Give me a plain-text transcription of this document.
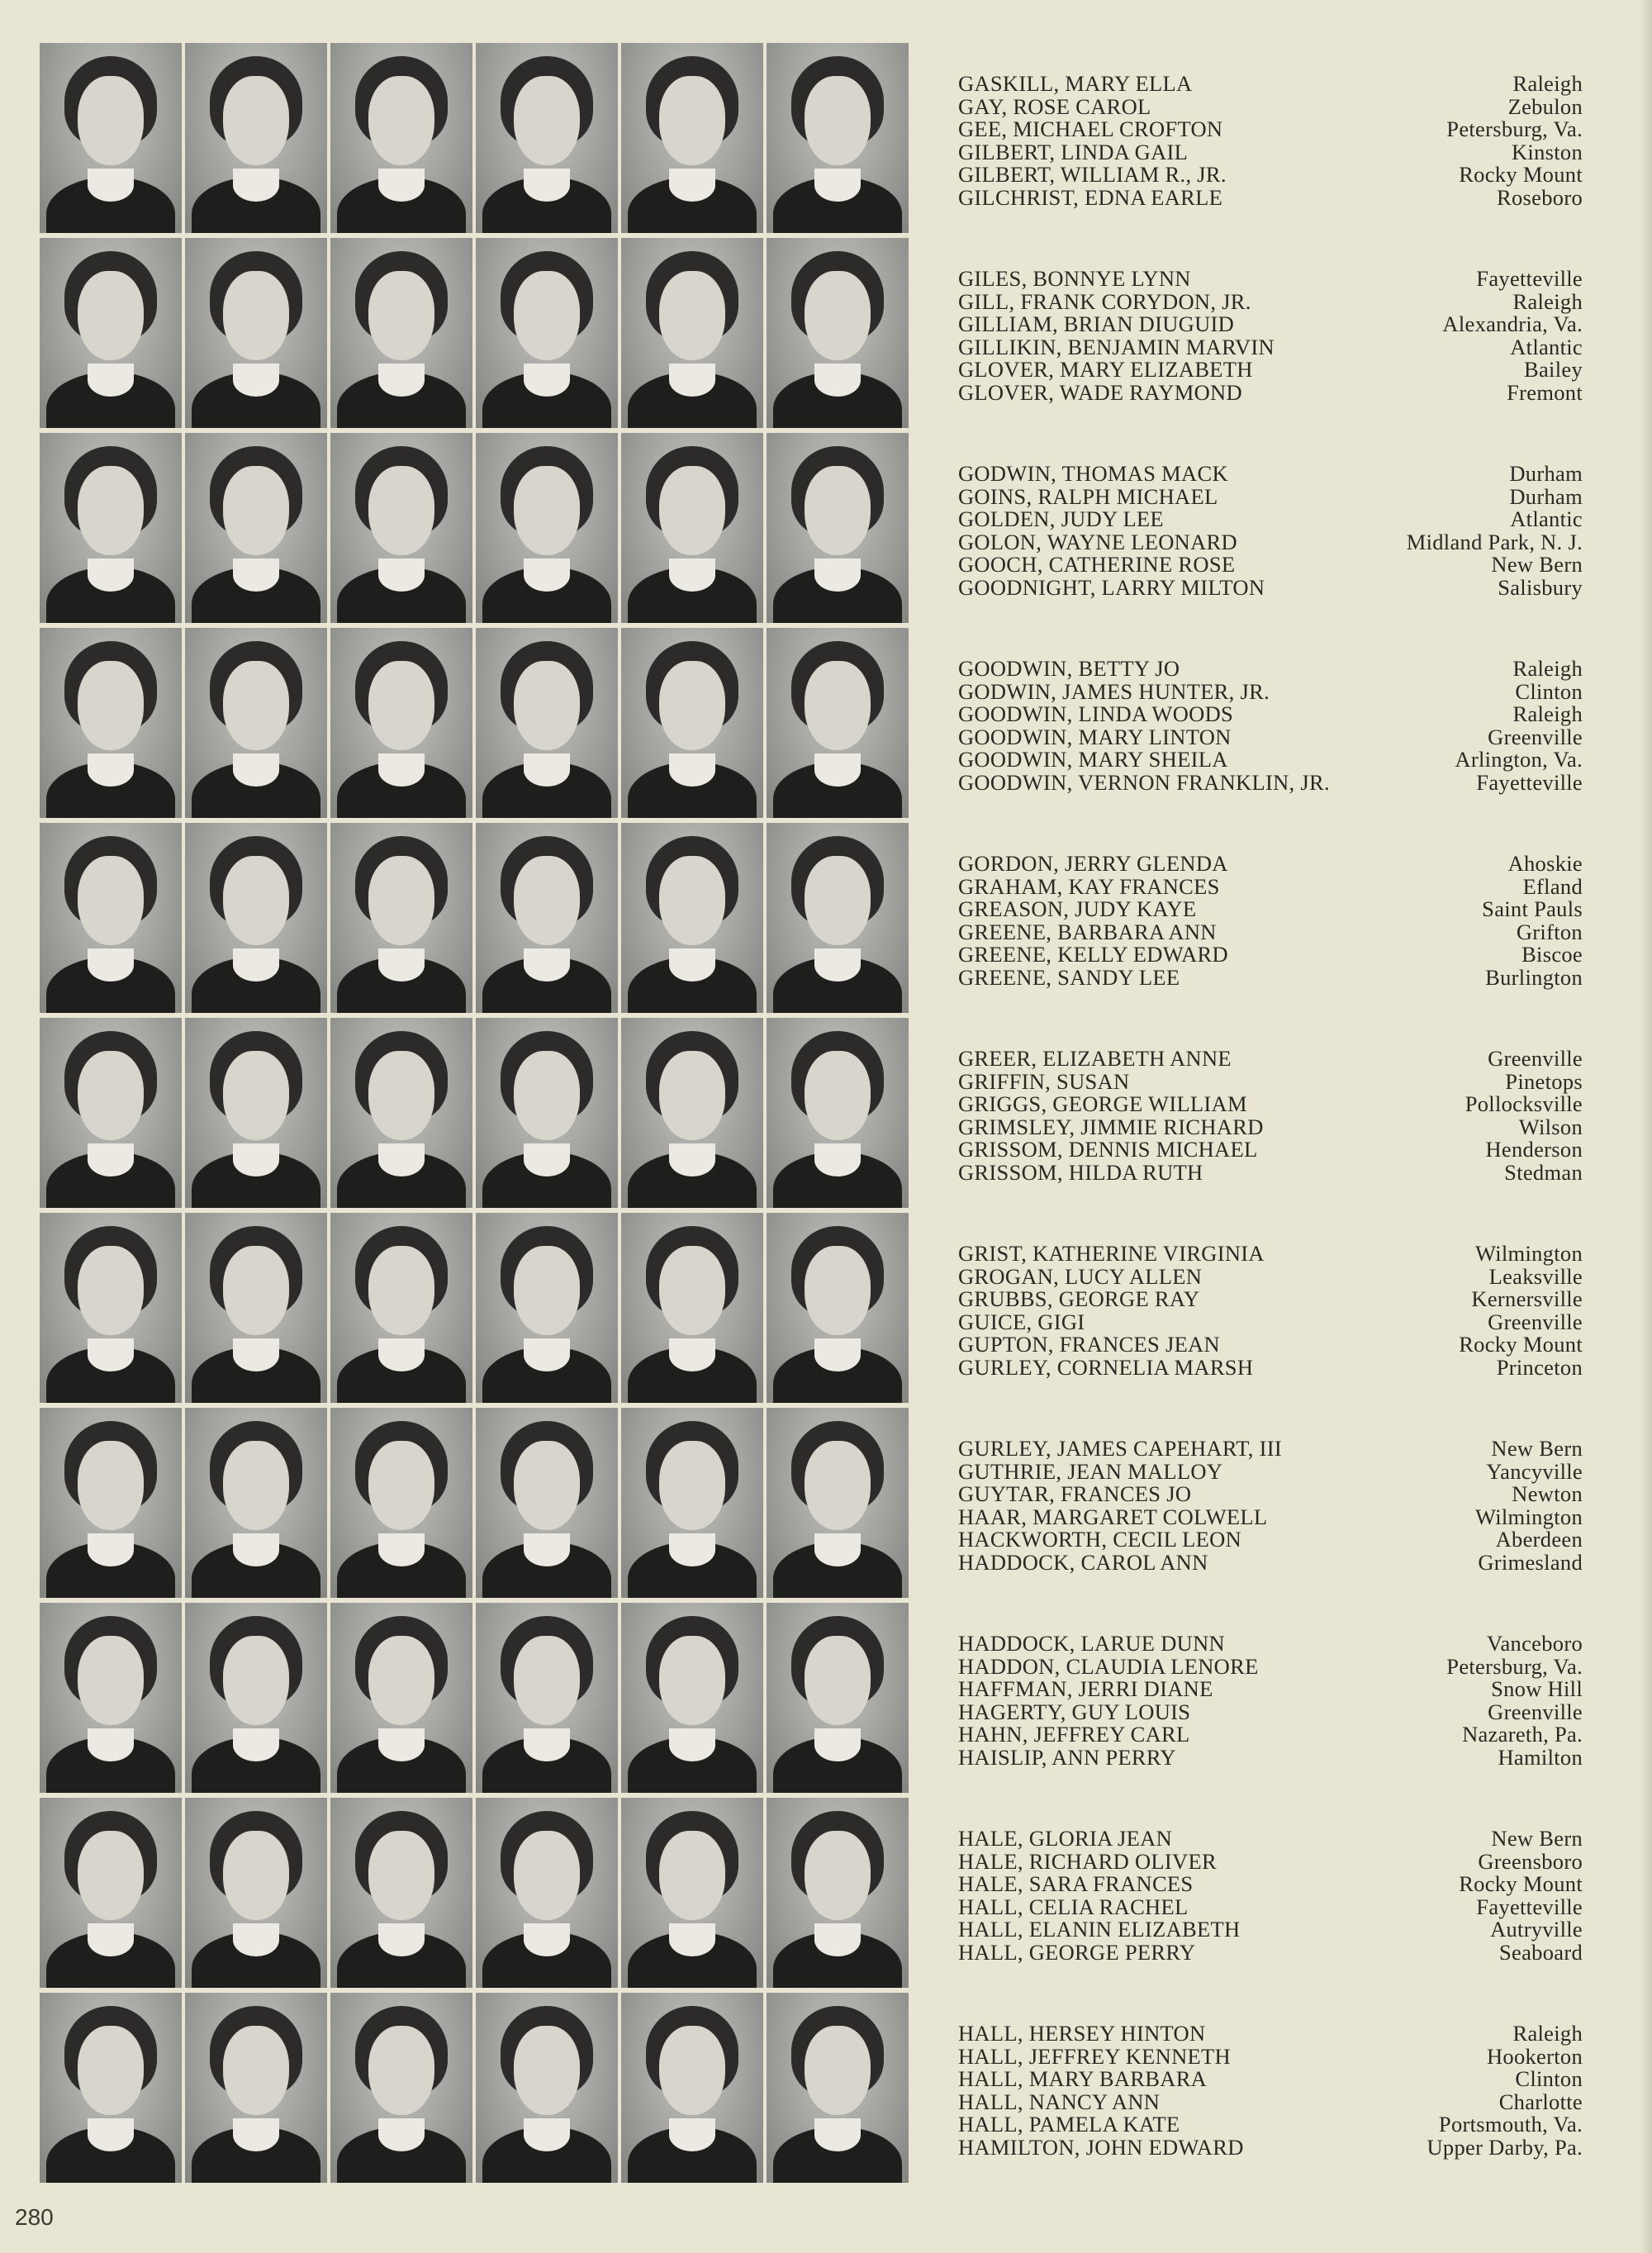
GASKILL, MARY ELLA	Raleigh
GAY, ROSE CAROL	Zebulon
GEE, MICHAEL CROFTON	Petersburg, Va.
GILBERT, LINDA GAIL	Kinston
GILBERT, WILLIAM R., JR.	Rocky Mount
GILCHRIST, EDNA EARLE	Roseboro
GILES, BONNYE LYNN	Fayetteville
GILL, FRANK CORYDON, JR.	Raleigh
GILLIAM, BRIAN DIUGUID	Alexandria, Va.
GILLIKIN, BENJAMIN MARVIN	Atlantic
GLOVER, MARY ELIZABETH	Bailey
GLOVER, WADE RAYMOND	Fremont
GODWIN, THOMAS MACK	Durham
GOINS, RALPH MICHAEL	Durham
GOLDEN, JUDY LEE	Atlantic
GOLON, WAYNE LEONARD	Midland Park, N. J.
GOOCH, CATHERINE ROSE	New Bern
GOODNIGHT, LARRY MILTON	Salisbury
GOODWIN, BETTY JO	Raleigh
GODWIN, JAMES HUNTER, JR.	Clinton
GOODWIN, LINDA WOODS	Raleigh
GOODWIN, MARY LINTON	Greenville
GOODWIN, MARY SHEILA	Arlington, Va.
GOODWIN, VERNON FRANKLIN, JR.	Fayetteville
GORDON, JERRY GLENDA	Ahoskie
GRAHAM, KAY FRANCES	Efland
GREASON, JUDY KAYE	Saint Pauls
GREENE, BARBARA ANN	Grifton
GREENE, KELLY EDWARD	Biscoe
GREENE, SANDY LEE	Burlington
GREER, ELIZABETH ANNE	Greenville
GRIFFIN, SUSAN	Pinetops
GRIGGS, GEORGE WILLIAM	Pollocksville
GRIMSLEY, JIMMIE RICHARD	Wilson
GRISSOM, DENNIS MICHAEL	Henderson
GRISSOM, HILDA RUTH	Stedman
GRIST, KATHERINE VIRGINIA	Wilmington
GROGAN, LUCY ALLEN	Leaksville
GRUBBS, GEORGE RAY	Kernersville
GUICE, GIGI	Greenville
GUPTON, FRANCES JEAN	Rocky Mount
GURLEY, CORNELIA MARSH	Princeton
GURLEY, JAMES CAPEHART, III	New Bern
GUTHRIE, JEAN MALLOY	Yancyville
GUYTAR, FRANCES JO	Newton
HAAR, MARGARET COLWELL	Wilmington
HACKWORTH, CECIL LEON	Aberdeen
HADDOCK, CAROL ANN	Grimesland
HADDOCK, LARUE DUNN	Vanceboro
HADDON, CLAUDIA LENORE	Petersburg, Va.
HAFFMAN, JERRI DIANE	Snow Hill
HAGERTY, GUY LOUIS	Greenville
HAHN, JEFFREY CARL	Nazareth, Pa.
HAISLIP, ANN PERRY	Hamilton
HALE, GLORIA JEAN	New Bern
HALE, RICHARD OLIVER	Greensboro
HALE, SARA FRANCES	Rocky Mount
HALL, CELIA RACHEL	Fayetteville
HALL, ELANIN ELIZABETH	Autryville
HALL, GEORGE PERRY	Seaboard
HALL, HERSEY HINTON	Raleigh
HALL, JEFFREY KENNETH	Hookerton
HALL, MARY BARBARA	Clinton
HALL, NANCY ANN	Charlotte
HALL, PAMELA KATE	Portsmouth, Va.
HAMILTON, JOHN EDWARD	Upper Darby, Pa.
280
